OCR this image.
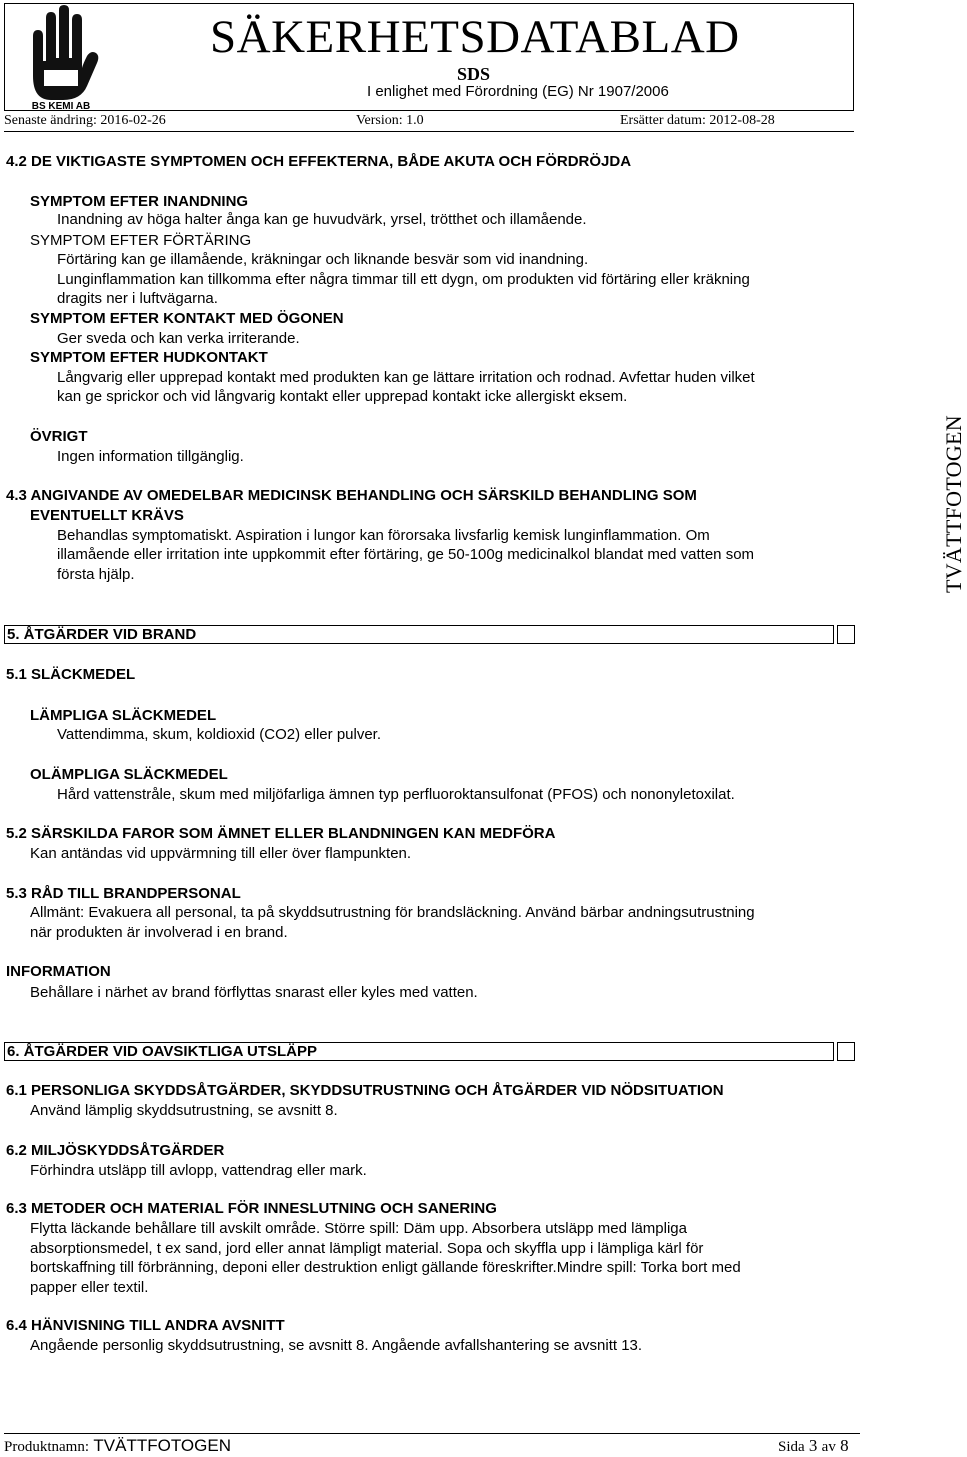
BS KEMI AB
SÄKERHETSDATABLAD
SDS
I enlighet med Förordning (EG) Nr 1907/2006
Senaste ändring: 2016-02-26	Version: 1.0	Ersätter datum: 2012-08-28
4.2 DE VIKTIGASTE SYMPTOMEN OCH EFFEKTERNA, BÅDE AKUTA OCH FÖRDRÖJDA
SYMPTOM EFTER INANDNING
Inandning av höga halter ånga kan ge huvudvärk, yrsel, trötthet och illamående.
SYMPTOM EFTER FÖRTÄRING
Förtäring kan ge illamående, kräkningar och liknande besvär som vid inandning.
Lunginflammation kan tillkomma efter några timmar till ett dygn, om produkten vid förtäring eller kräkning
dragits ner i luftvägarna.
SYMPTOM EFTER KONTAKT MED ÖGONEN
Ger sveda och kan verka irriterande.
SYMPTOM EFTER HUDKONTAKT
Långvarig eller upprepad kontakt med produkten kan ge lättare irritation och rodnad. Avfettar huden vilket
kan ge sprickor och vid långvarig kontakt eller upprepad kontakt icke allergiskt eksem.
ÖVRIGT
Ingen information tillgänglig.
4.3 ANGIVANDE AV OMEDELBAR MEDICINSK BEHANDLING OCH SÄRSKILD BEHANDLING SOM
EVENTUELLT KRÄVS
Behandlas symptomatiskt. Aspiration i lungor kan förorsaka livsfarlig kemisk lunginflammation. Om
illamående eller irritation inte uppkommit efter förtäring, ge 50-100g medicinalkol blandat med vatten som
första hjälp.	TVÄTTFOTOGEN
5. ÅTGÄRDER VID BRAND
5.1 SLÄCKMEDEL
LÄMPLIGA SLÄCKMEDEL
Vattendimma, skum, koldioxid (CO2) eller pulver.
OLÄMPLIGA SLÄCKMEDEL
Hård vattenstråle, skum med miljöfarliga ämnen typ perfluoroktansulfonat (PFOS) och nononyletoxilat.
5.2 SÄRSKILDA FAROR SOM ÄMNET ELLER BLANDNINGEN KAN MEDFÖRA
Kan antändas vid uppvärmning till eller över flampunkten.
5.3 RÅD TILL BRANDPERSONAL
Allmänt: Evakuera all personal, ta på skyddsutrustning för brandsläckning. Använd bärbar andningsutrustning
när produkten är involverad i en brand.
INFORMATION
Behållare i närhet av brand förflyttas snarast eller kyles med vatten.
6. ÅTGÄRDER VID OAVSIKTLIGA UTSLÄPP
6.1 PERSONLIGA SKYDDSÅTGÄRDER, SKYDDSUTRUSTNING OCH ÅTGÄRDER VID NÖDSITUATION
Använd lämplig skyddsutrustning, se avsnitt 8.
6.2 MILJÖSKYDDSÅTGÄRDER
Förhindra utsläpp till avlopp, vattendrag eller mark.
6.3 METODER OCH MATERIAL FÖR INNESLUTNING OCH SANERING
Flytta läckande behållare till avskilt område. Större spill: Däm upp. Absorbera utsläpp med lämpliga
absorptionsmedel, t ex sand, jord eller annat lämpligt material. Sopa och skyffla upp i lämpliga kärl för
bortskaffning till förbränning, deponi eller destruktion enligt gällande föreskrifter.Mindre spill: Torka bort med
papper eller textil.
6.4 HÄNVISNING TILL ANDRA AVSNITT
Angående personlig skyddsutrustning, se avsnitt 8. Angående avfallshantering se avsnitt 13.
Produktnamn: TVÄTTFOTOGEN	Sida 3 av 8
